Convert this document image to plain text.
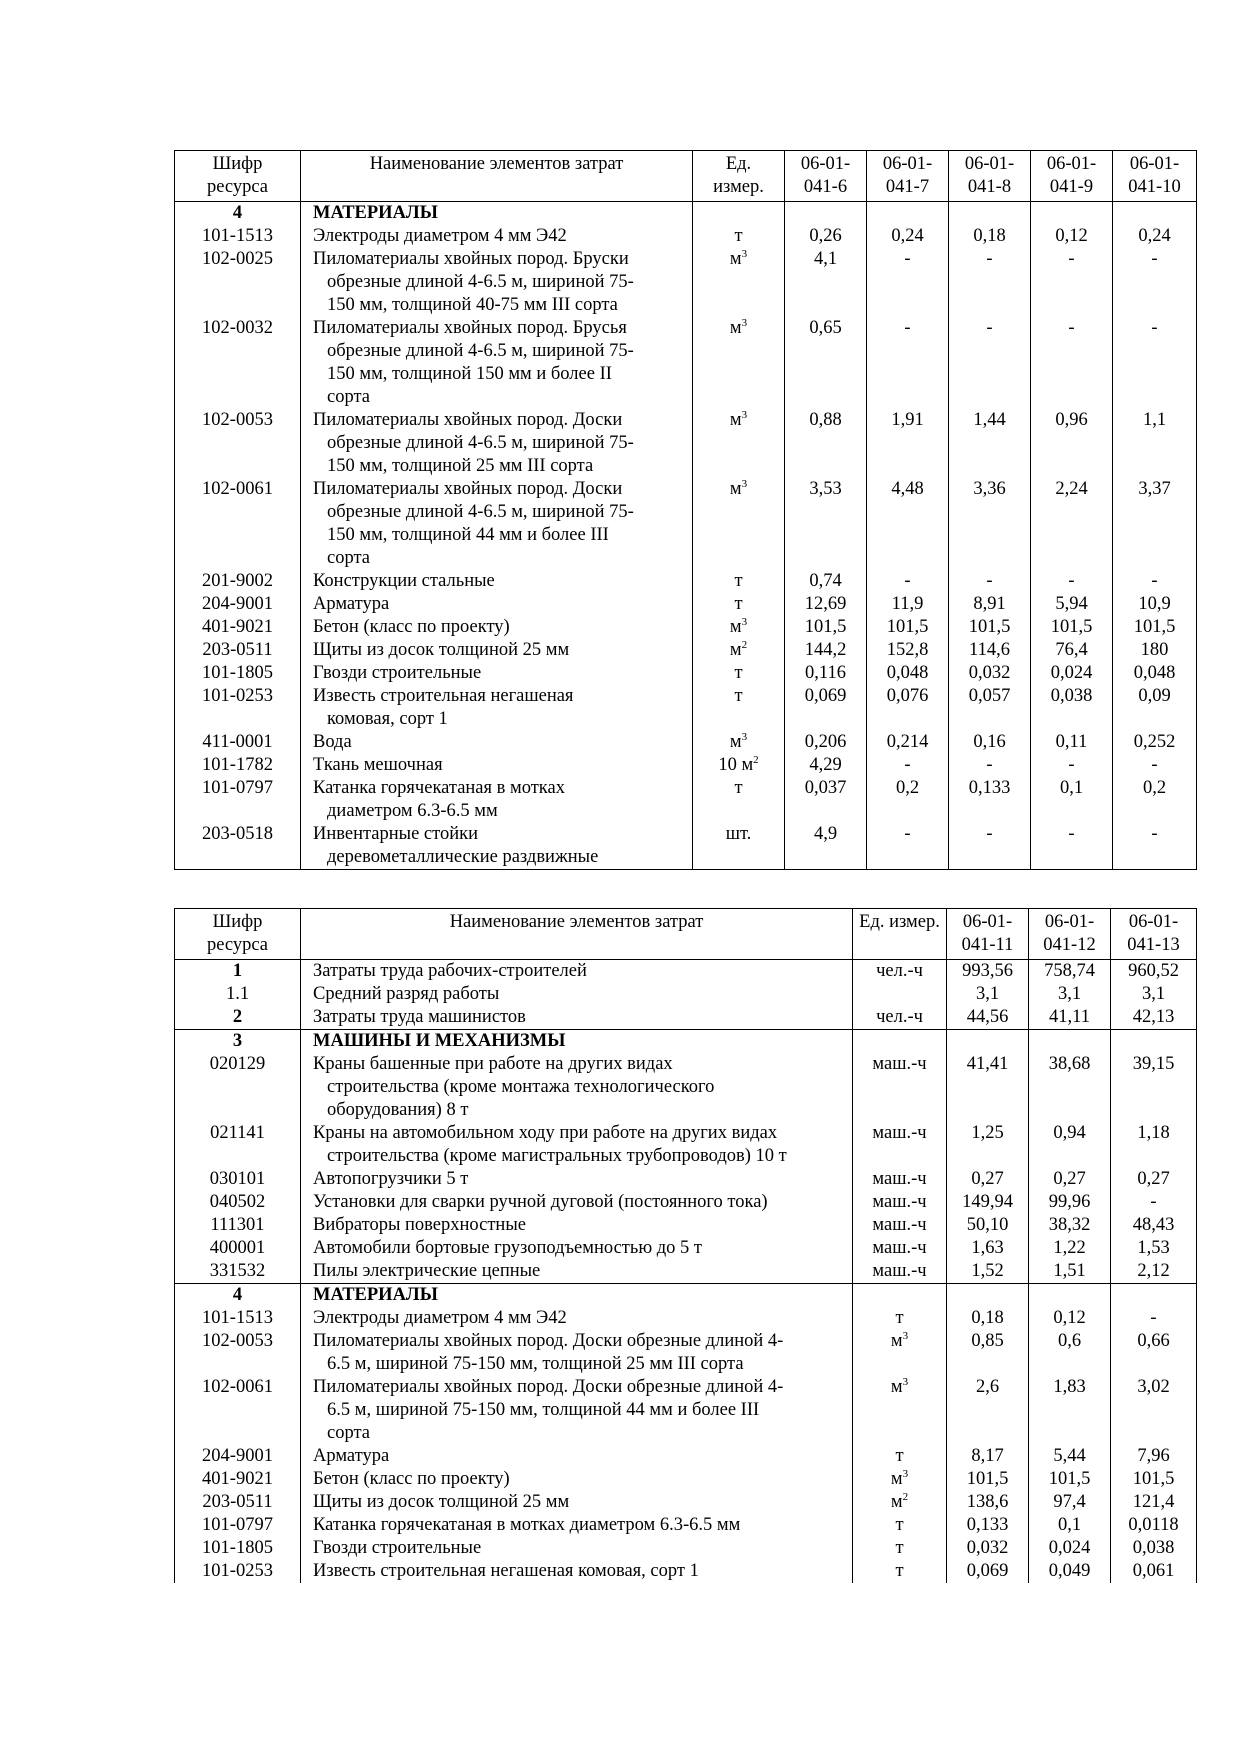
Шифр ресурса	Наименование элементов затрат	Ед. измер.	06-01-041-6	06-01-041-7	06-01-041-8	06-01-041-9	06-01-041-10
4	МАТЕРИАЛЫ						
101-1513	Электроды диаметром 4 мм Э42	т	0,26	0,24	0,18	0,12	0,24
102-0025	Пиломатериалы хвойных пород. Бруски
обрезные длиной 4-6.5 м, шириной 75-
150 мм, толщиной 40-75 мм III сорта	$м^3$	4,1	-	-	-	-
102-0032	Пиломатериалы хвойных пород. Брусья
обрезные длиной 4-6.5 м, шириной 75-
150 мм, толщиной 150 мм и более II
сорта	$м^3$	0,65	-	-	-	-
102-0053	Пиломатериалы хвойных пород. Доски
обрезные длиной 4-6.5 м, шириной 75-
150 мм, толщиной 25 мм III сорта	$м^3$	0,88	1,91	1,44	0,96	1,1
102-0061	Пиломатериалы хвойных пород. Доски
обрезные длиной 4-6.5 м, шириной 75-
150 мм, толщиной 44 мм и более III
сорта	$м^3$	3,53	4,48	3,36	2,24	3,37
201-9002	Конструкции стальные	т	0,74	-	-	-	-
204-9001	Арматура	т	12,69	11,9	8,91	5,94	10,9
401-9021	Бетон (класс по проекту)	$м^3$	101,5	101,5	101,5	101,5	101,5
203-0511	Щиты из досок толщиной 25 мм	$м^2$	144,2	152,8	114,6	76,4	180
101-1805	Гвозди строительные	т	0,116	0,048	0,032	0,024	0,048
101-0253	Известь строительная негашеная
комовая, сорт 1	т	0,069	0,076	0,057	0,038	0,09
411-0001	Вода	$м^3$	0,206	0,214	0,16	0,11	0,252
101-1782	Ткань мешочная	10 $м^2$	4,29	-	-	-	-
101-0797	Катанка горячекатаная в мотках
диаметром 6.3-6.5 мм	т	0,037	0,2	0,133	0,1	0,2
203-0518	Инвентарные стойки
деревометаллические раздвижные	шт.	4,9	-	-	-	-
Шифр ресурса	Наименование элементов затрат	Ед. измер.	06-01-041-11	06-01-041-12	06-01-041-13
1	Затраты труда рабочих-строителей	чел.-ч	993,56	758,74	960,52
1.1	Средний разряд работы		3,1	3,1	3,1
2	Затраты труда машинистов	чел.-ч	44,56	41,11	42,13
3	МАШИНЫ И МЕХАНИЗМЫ				
020129	Краны башенные при работе на других видах
строительства (кроме монтажа технологического
оборудования) 8 т	маш.-ч	41,41	38,68	39,15
021141	Краны на автомобильном ходу при работе на других видах
строительства (кроме магистральных трубопроводов) 10 т	маш.-ч	1,25	0,94	1,18
030101	Автопогрузчики 5 т	маш.-ч	0,27	0,27	0,27
040502	Установки для сварки ручной дуговой (постоянного тока)	маш.-ч	149,94	99,96	-
111301	Вибраторы поверхностные	маш.-ч	50,10	38,32	48,43
400001	Автомобили бортовые грузоподъемностью до 5 т	маш.-ч	1,63	1,22	1,53
331532	Пилы электрические цепные	маш.-ч	1,52	1,51	2,12
4	МАТЕРИАЛЫ				
101-1513	Электроды диаметром 4 мм Э42	т	0,18	0,12	-
102-0053	Пиломатериалы хвойных пород. Доски обрезные длиной 4-
6.5 м, шириной 75-150 мм, толщиной 25 мм III сорта	$м^3$	0,85	0,6	0,66
102-0061	Пиломатериалы хвойных пород. Доски обрезные длиной 4-
6.5 м, шириной 75-150 мм, толщиной 44 мм и более III
сорта	$м^3$	2,6	1,83	3,02
204-9001	Арматура	т	8,17	5,44	7,96
401-9021	Бетон (класс по проекту)	$м^3$	101,5	101,5	101,5
203-0511	Щиты из досок толщиной 25 мм	$м^2$	138,6	97,4	121,4
101-0797	Катанка горячекатаная в мотках диаметром 6.3-6.5 мм	т	0,133	0,1	0,0118
101-1805	Гвозди строительные	т	0,032	0,024	0,038
101-0253	Известь строительная негашеная комовая, сорт 1	т	0,069	0,049	0,061
